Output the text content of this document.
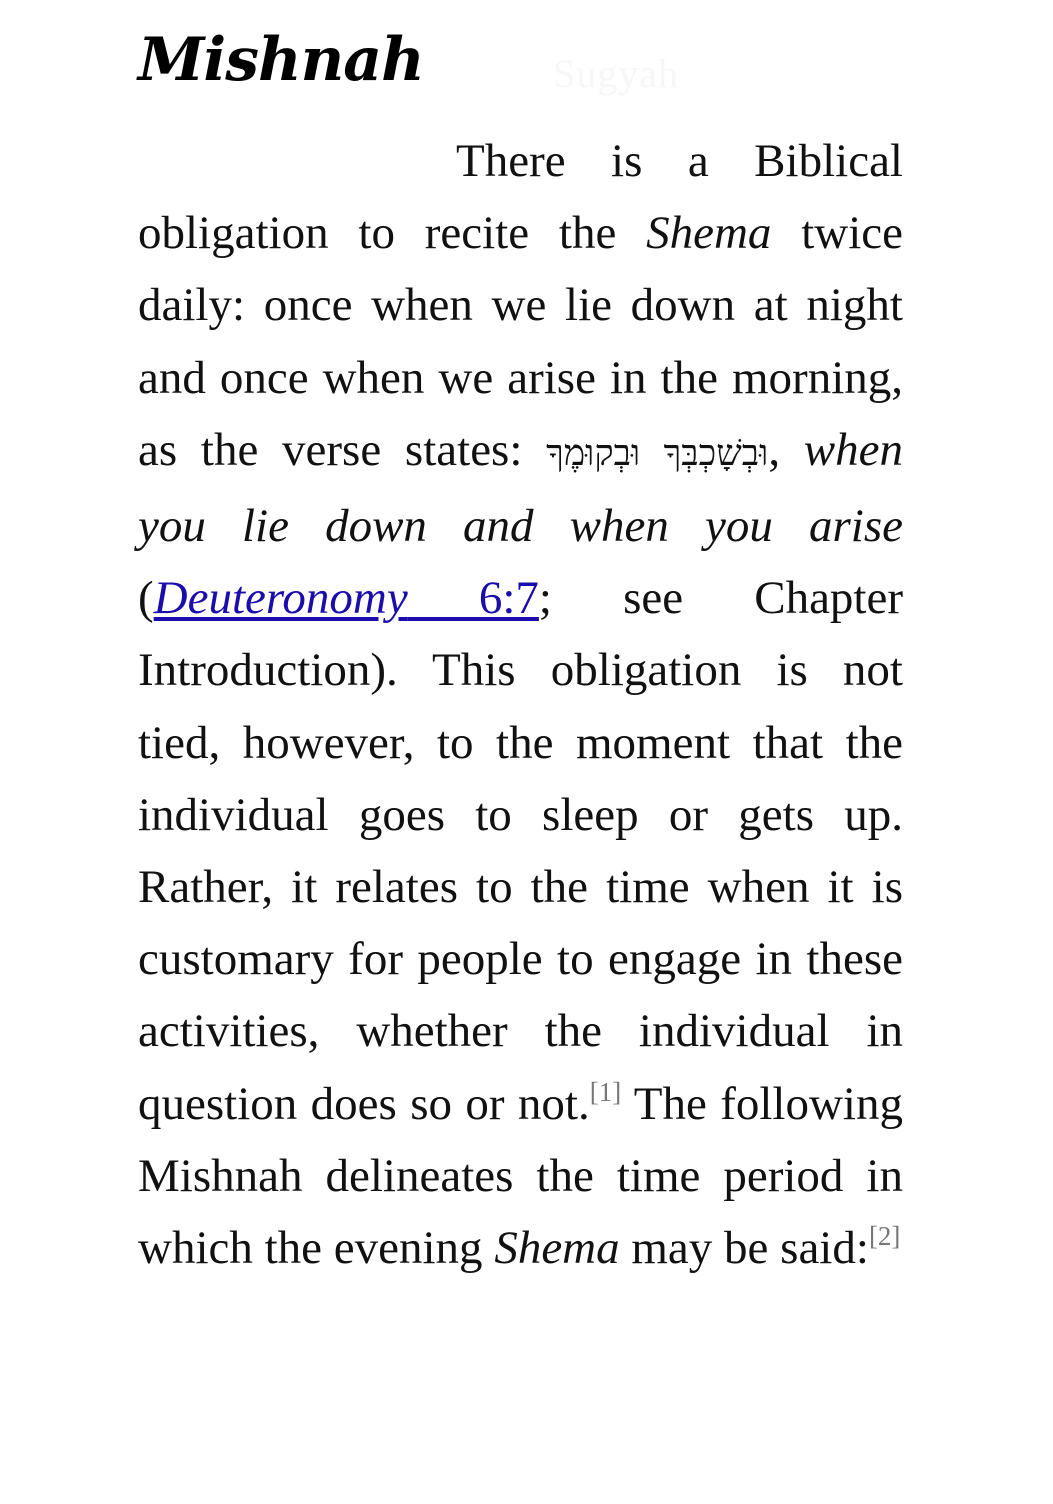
Mishnah	Sugyah

There is a Biblical obligation to recite the Shema twice daily: once when we lie down at night and once when we arise in the morning, as the verse states: וּבְשָׁכְבְּךָ וּבְקוּמֶךָ, when you lie down and when you arise (Deuteronomy 6:7; see Chapter Introduction). This obligation is not tied, however, to the moment that the individual goes to sleep or gets up. Rather, it relates to the time when it is customary for people to engage in these activities, whether the individual in question does so or not.[1] The following Mishnah delineates the time period in which the evening Shema may be said:[2]
